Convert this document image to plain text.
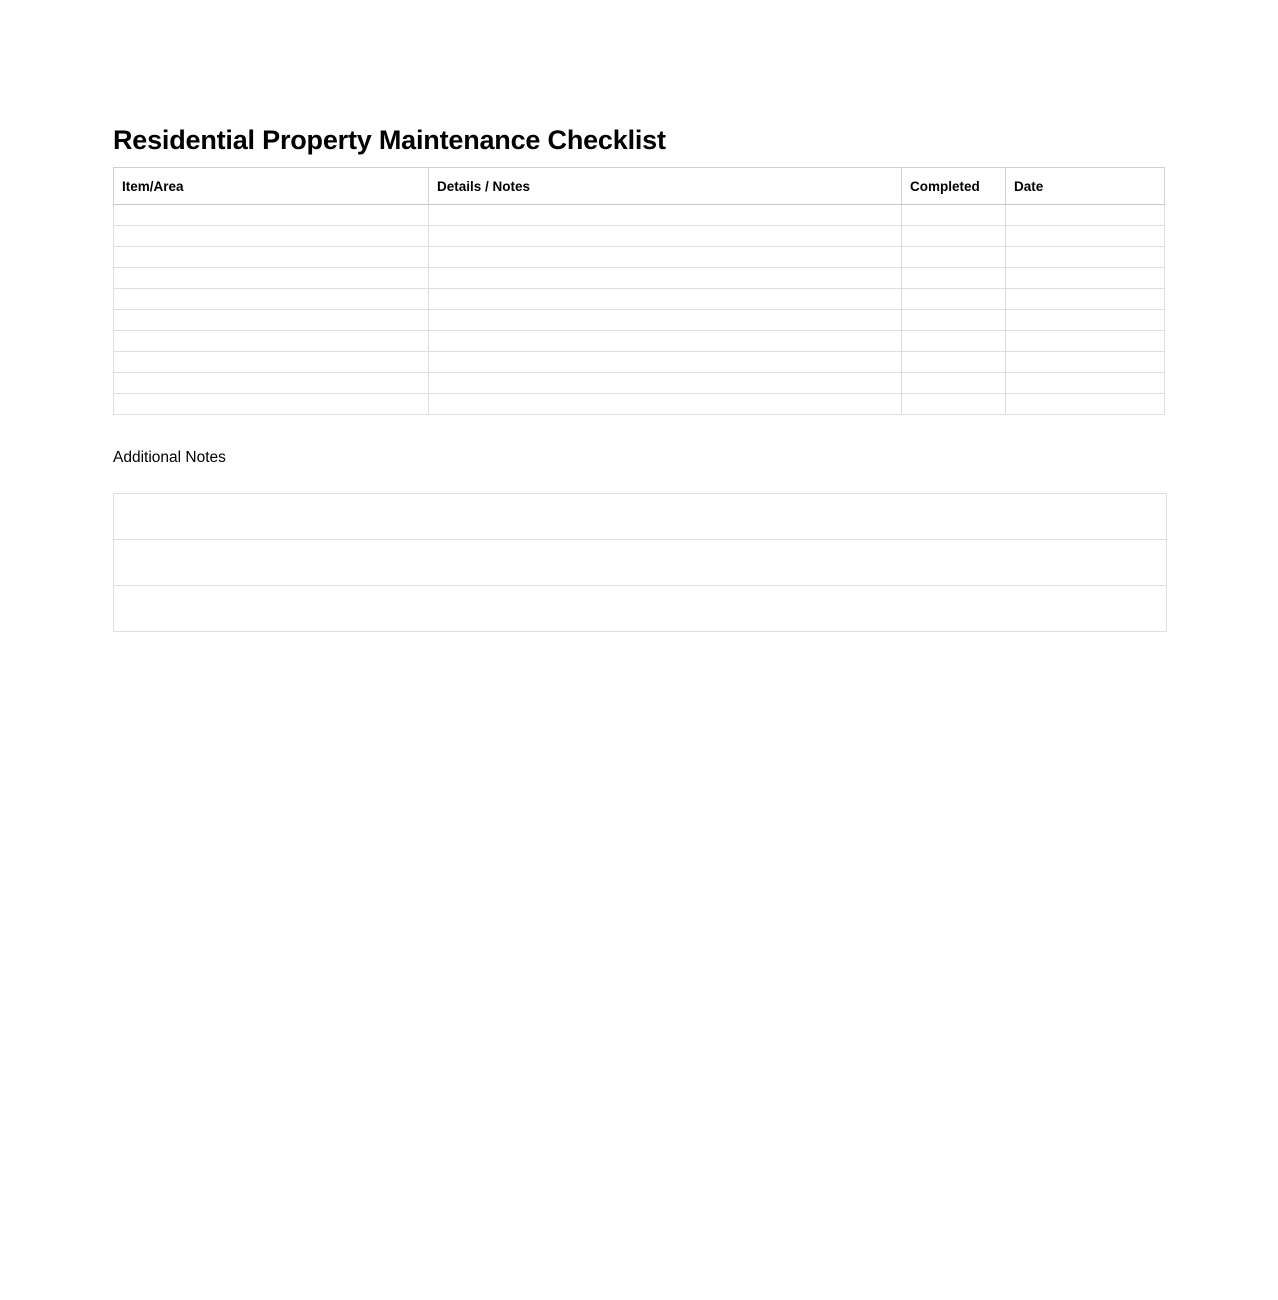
Residential Property Maintenance Checklist
Item/Area	Details / Notes	Completed	Date

Additional Notes
